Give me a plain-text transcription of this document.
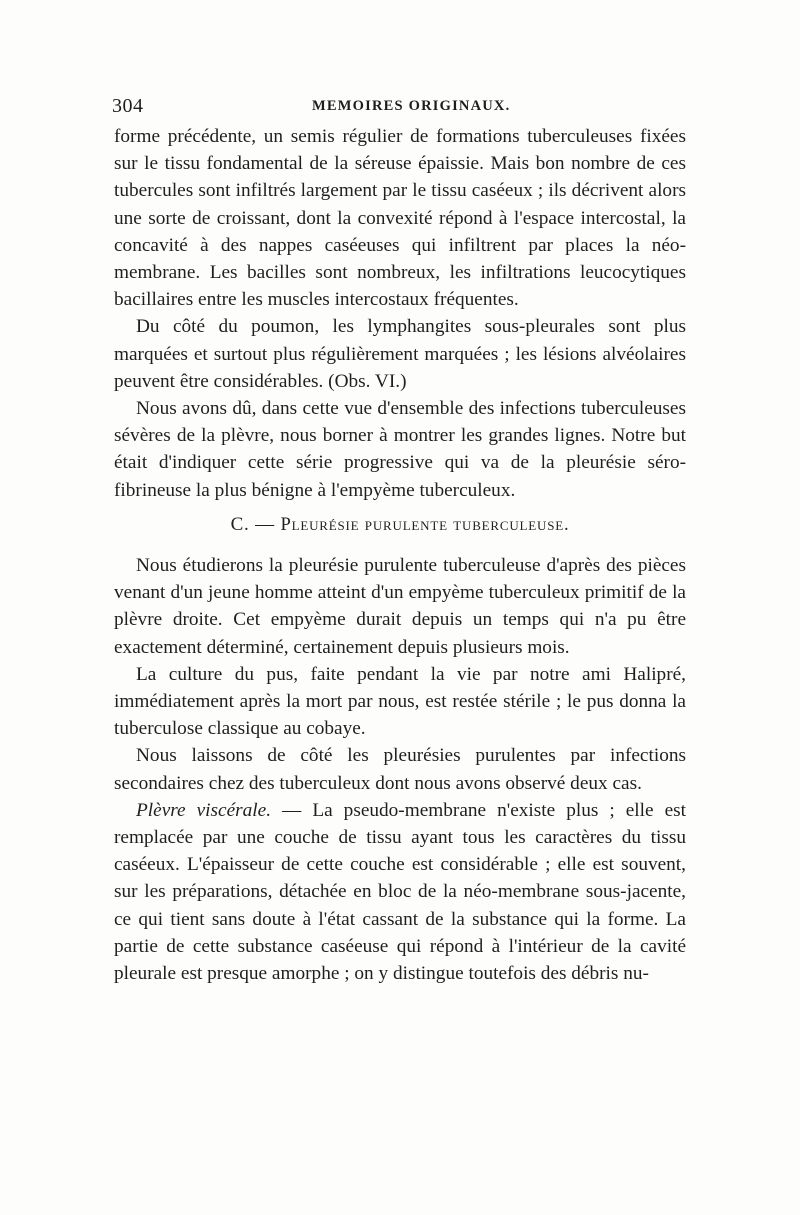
304	MEMOIRES ORIGINAUX.

forme précédente, un semis régulier de formations tuberculeuses fixées sur le tissu fondamental de la séreuse épaissie. Mais bon nombre de ces tubercules sont infiltrés largement par le tissu caséeux ; ils décrivent alors une sorte de croissant, dont la convexité répond à l'espace intercostal, la concavité à des nappes caséeuses qui infiltrent par places la néo-membrane. Les bacilles sont nombreux, les infiltrations leucocytiques bacillaires entre les muscles intercostaux fréquentes.

Du côté du poumon, les lymphangites sous-pleurales sont plus marquées et surtout plus régulièrement marquées ; les lésions alvéolaires peuvent être considérables. (Obs. VI.)

Nous avons dû, dans cette vue d'ensemble des infections tuberculeuses sévères de la plèvre, nous borner à montrer les grandes lignes. Notre but était d'indiquer cette série progressive qui va de la pleurésie séro-fibrineuse la plus bénigne à l'empyème tuberculeux.

C. — Pleurésie purulente tuberculeuse.

Nous étudierons la pleurésie purulente tuberculeuse d'après des pièces venant d'un jeune homme atteint d'un empyème tuberculeux primitif de la plèvre droite. Cet empyème durait depuis un temps qui n'a pu être exactement déterminé, certainement depuis plusieurs mois.

La culture du pus, faite pendant la vie par notre ami Halipré, immédiatement après la mort par nous, est restée stérile ; le pus donna la tuberculose classique au cobaye.

Nous laissons de côté les pleurésies purulentes par infections secondaires chez des tuberculeux dont nous avons observé deux cas.

Plèvre viscérale. — La pseudo-membrane n'existe plus ; elle est remplacée par une couche de tissu ayant tous les caractères du tissu caséeux. L'épaisseur de cette couche est considérable ; elle est souvent, sur les préparations, détachée en bloc de la néo-membrane sous-jacente, ce qui tient sans doute à l'état cassant de la substance qui la forme. La partie de cette substance caséeuse qui répond à l'intérieur de la cavité pleurale est presque amorphe ; on y distingue toutefois des débris nu-
